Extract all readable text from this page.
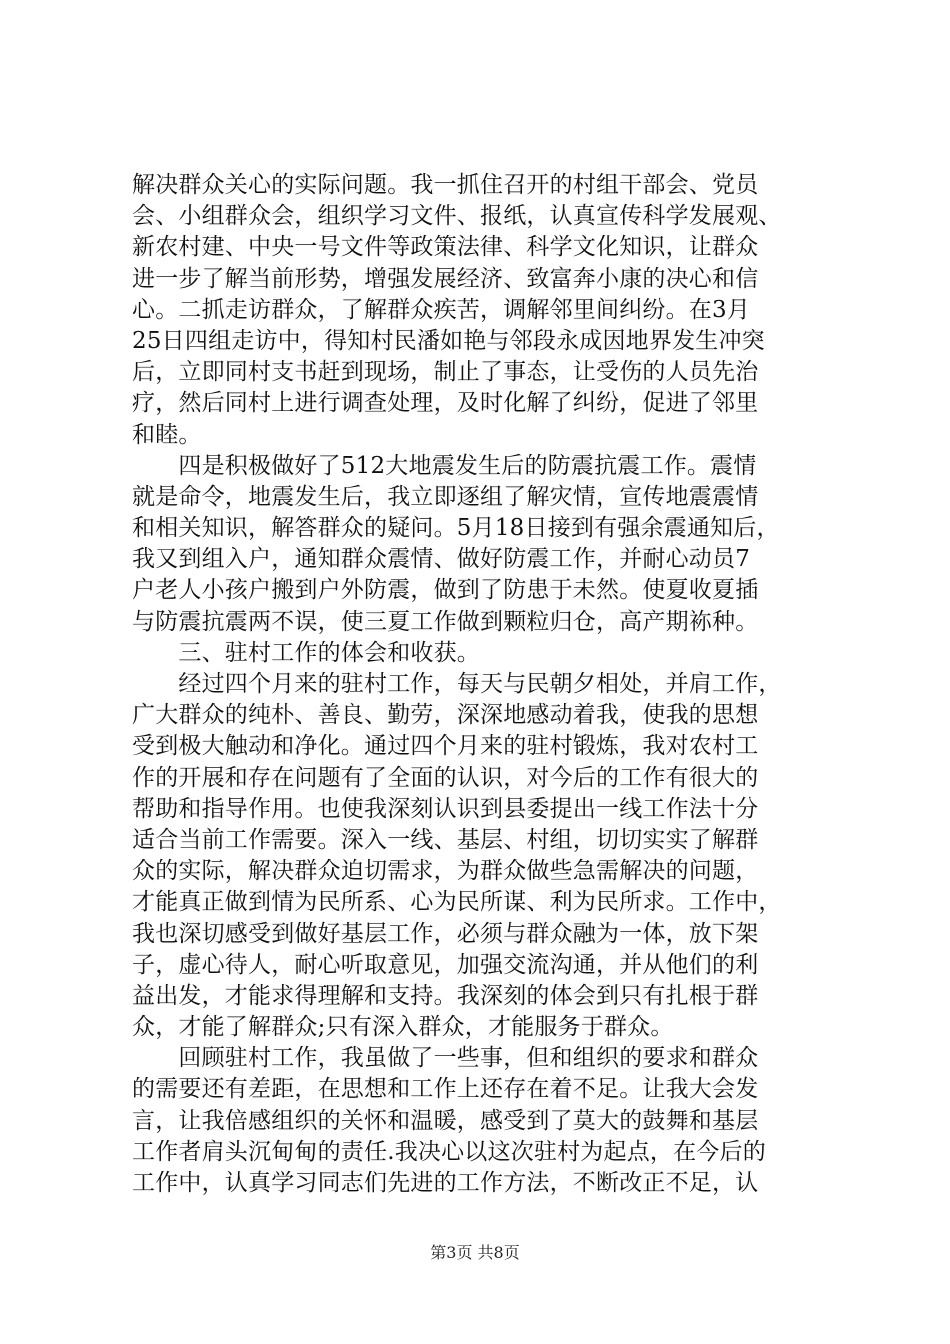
解决群众关心的实际问题。我一抓住召开的村组干部会、党员
会、小组群众会，组织学习文件、报纸，认真宣传科学发展观、
新农村建、中央一号文件等政策法律、科学文化知识，让群众
进一步了解当前形势，增强发展经济、致富奔小康的决心和信
心。二抓走访群众，了解群众疾苦，调解邻里间纠纷。在3月
25日四组走访中，得知村民潘如艳与邻段永成因地界发生冲突
后，立即同村支书赶到现场，制止了事态，让受伤的人员先治
疗，然后同村上进行调查处理，及时化解了纠纷，促进了邻里
和睦。
　　四是积极做好了512大地震发生后的防震抗震工作。震情
就是命令，地震发生后，我立即逐组了解灾情，宣传地震震情
和相关知识，解答群众的疑问。5月18日接到有强余震通知后，
我又到组入户，通知群众震情、做好防震工作，并耐心动员7
户老人小孩户搬到户外防震，做到了防患于未然。使夏收夏插
与防震抗震两不误，使三夏工作做到颗粒归仓，高产期袮种。
　　三、驻村工作的体会和收获。
　　经过四个月来的驻村工作，每天与民朝夕相处，并肩工作，
广大群众的纯朴、善良、勤劳，深深地感动着我，使我的思想
受到极大触动和净化。通过四个月来的驻村锻炼，我对农村工
作的开展和存在问题有了全面的认识，对今后的工作有很大的
帮助和指导作用。也使我深刻认识到县委提出一线工作法十分
适合当前工作需要。深入一线、基层、村组，切切实实了解群
众的实际，解决群众迫切需求，为群众做些急需解决的问题，
才能真正做到情为民所系、心为民所谋、利为民所求。工作中，
我也深切感受到做好基层工作，必须与群众融为一体，放下架
子，虚心待人，耐心听取意见，加强交流沟通，并从他们的利
益出发，才能求得理解和支持。我深刻的体会到只有扎根于群
众，才能了解群众;只有深入群众，才能服务于群众。
　　回顾驻村工作，我虽做了一些事，但和组织的要求和群众
的需要还有差距，在思想和工作上还存在着不足。让我大会发
言，让我倍感组织的关怀和温暖，感受到了莫大的鼓舞和基层
工作者肩头沉甸甸的责任.我决心以这次驻村为起点，在今后的
工作中，认真学习同志们先进的工作方法，不断改正不足，认
第3页 共8页
